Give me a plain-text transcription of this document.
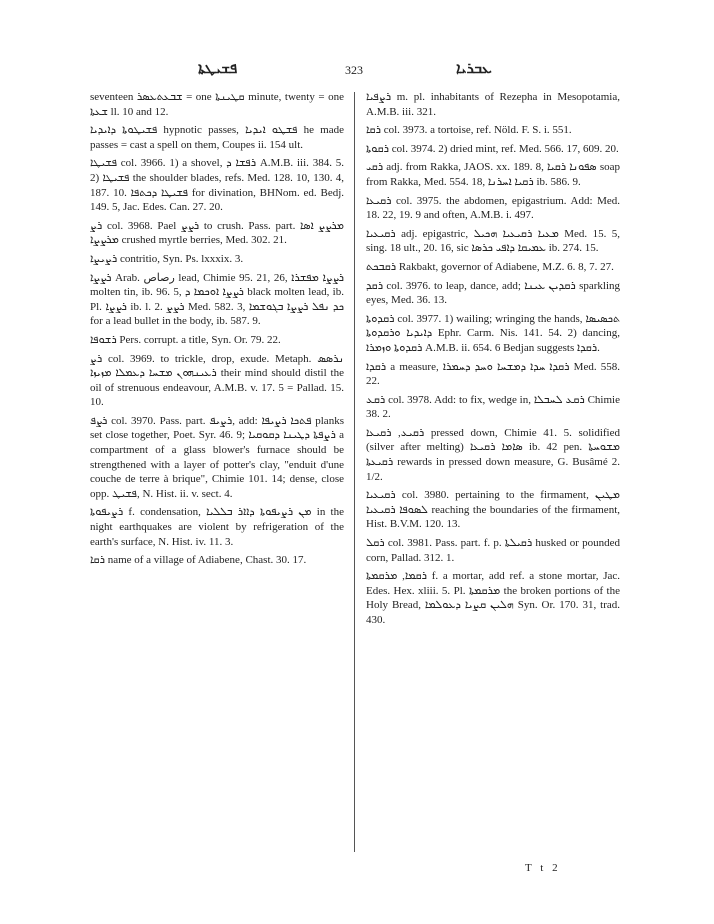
ܦܫܝܛܬܐ	323	ܥܒܪܝܐ

seventeen ܫܒܥܬܥܣܪ = one ܩܛܝܢܬܐ minute, twenty = one ܫܥܬܐ ll. 10 and 12.

ܦܫܝܛܘܬܐ ܕܐܝܕܝܐ hypnotic passes, ܦܫܛܘ ܐܝܕܝܐ he made passes = cast a spell on them, Coupes ii. 154 ult.

ܦܫܝܛܐ col. 3966. 1) a shovel, ܪܦܫܐ ܕ A.M.B. iii. 384. 5. 2) ܦܫܝܛܐ the shoulder blades, refs. Med. 128. 10, 130. 4, 187. 10. ܦܫܝܛܐ ܕܟܬܦܐ for divination, BHNom. ed. Bedj. 149. 5, Jac. Edes. Can. 27. 20.

ܪܨ col. 3968. Pael ܪܨܨ to crush. Pass. part. ܡܪܨܨ ܐܣܐ ܡܪܨܨܐ crushed myrtle berries, Med. 302. 21.

ܪܨܝܨܐ contritio, Syn. Ps. lxxxix. 3.

ܪܨܨܐ Arab. رصاص lead, Chimie 95. 21, 26, ܪܨܨܐ ܡܦܫܪܐ molten tin, ib. 96. 5, ܪܨܨܐ ܐܘܟܡܐ ܕ black molten lead, ib. Pl. ܪܨܨܐ ib. l. 2. ܪܨܨ Med. 582. 3, ܟܕ ܢܦܠ ܪܨܨܐ ܒܓܘܫܡܐ for a lead bullet in the body, ib. 587. 9.

ܪܫܘܦܐ Pers. corrupt. a title, Syn. Or. 79. 22.

ܪܨ col. 3969. to trickle, drop, exude. Metaph. ܢܪܣܣ ܪܥܝܢܗܘܢ ܡܫܚܐ ܕܥܡܠܐ ܡܙܝܙܐ their mind should distil the oil of strenuous endeavour, A.M.B. v. 17. 5 = Pallad. 15. 10.

ܪܨܦ col. 3970. Pass. part. ܪܨܝܦ, add: ܦܬܟܐ ܪܨܝܦܐ planks set close together, Poet. Syr. 46. 9; ܪܨܦܬܐ ܕܛܝܢܐ ܕܩܘܩܝܐ a compartment of a glass blower's furnace should be strengthened with a layer of potter's clay, "enduit d'une couche de terre à brique", Chimie 101. 14; dense, close opp. ܦܫܝܛ, N. Hist. ii. v. sect. 4.

ܪܨܝܦܘܬܐ f. condensation, ܡܢ ܪܨܝܦܘܬܐ ܕܐܐܪ ܒܠܠܝܐ in the night earthquakes are violent by refrigeration of the earth's surface, N. Hist. iv. 11. 3.

ܪܩܐ name of a village of Adiabene, Chast. 30. 17.

ܪܨܦܝܐ m. pl. inhabitants of Rezepha in Mesopotamia, A.M.B. iii. 321.

ܪܩܐ col. 3973. a tortoise, ref. Nöld. F. S. i. 551.

ܪܩܘܬܐ col. 3974. 2) dried mint, ref. Med. 566. 17, 609. 20.

ܪܩܝ adj. from Rakka, JAOS. xx. 189. 8, ܣܦܘܢܐ ܪܩܝܐ soap from Rakka, Med. 554. 18, ܪܩܝܐ ܐܚܪܢܐ ib. 586. 9.

ܪܩܝܥܐ col. 3975. the abdomen, epigastrium. Add: Med. 18. 22, 19. 9 and often, A.M.B. i. 497.

ܪܩܝܥܝܐ adj. epigastric, ܡܥܝܐ ܪܩܝܥܝܐ ܗܟܝܠ Med. 15. 5, sing. 18 ult., 20. 16, sic ܥܡܝܩܐ ܕܐܦܝ ܟܪܣܐ ib. 274. 15.

ܪܩܒܟܬ Rakbakt, governor of Adiabene, M.Z. 6. 8, 7. 27.

ܪܩܕ col. 3976. to leap, dance, add; ܪܩܕܝܢ ܥܝܢܐ sparkling eyes, Med. 36. 13.

ܪܩܕܘܬܐ col. 3977. 1) wailing; wringing the hands, ܬܟܣܝܣܐ ܕܐܝܕܝܐ ܘܪܩܕܘܬܐ Ephr. Carm. Nis. 141. 54. 2) dancing, ܪܩܕܘܬܐ ܘܙܡܪܐ A.M.B. ii. 654. 6 Bedjan suggests ܪܩܕܐ.

ܪܩܕܐ a measure, ܪܩܕܐ ܚܕܐ ܕܡܫܚܐ ܘܚܕ ܕܚܡܪܐ Med. 558. 22.

ܪܩܥ col. 3978. Add: to fix, wedge in, ܪܩܥ ܠܚܒܠܐ Chimie 38. 2.

ܪܩܝܥ, ܪܩܝܥܐ pressed down, Chimie 41. 5. solidified (silver after melting) ܣܐܡܐ ܪܩܝܥܐ ib. 42 pen. ܡܫܘܚܬܐ ܪܩܝܥܬܐ rewards in pressed down measure, G. Busâmé 2. 1/2.

ܪܩܝܥܝܐ col. 3980. pertaining to the firmament, ܡܛܝܢ ܠܣܘܦܐ ܪܩܝܥܝܐ reaching the boundaries of the firmament, Hist. B.V.M. 120. 13.

ܪܩܠ col. 3981. Pass. part. f. p. ܪܩܝܠܬܐ husked or pounded corn, Pallad. 312. 1.

ܪܩܡܐ, ܡܪܩܡܬܐ f. a mortar, add ref. a stone mortar, Jac. Edes. Hex. xliii. 5. Pl. ܡܪܩܡܬܐ the broken portions of the Holy Bread, ܗܠܝܢ ܩܨܝܐ ܕܥܘܠܡܐ Syn. Or. 170. 31, trad. 430.

T t 2
